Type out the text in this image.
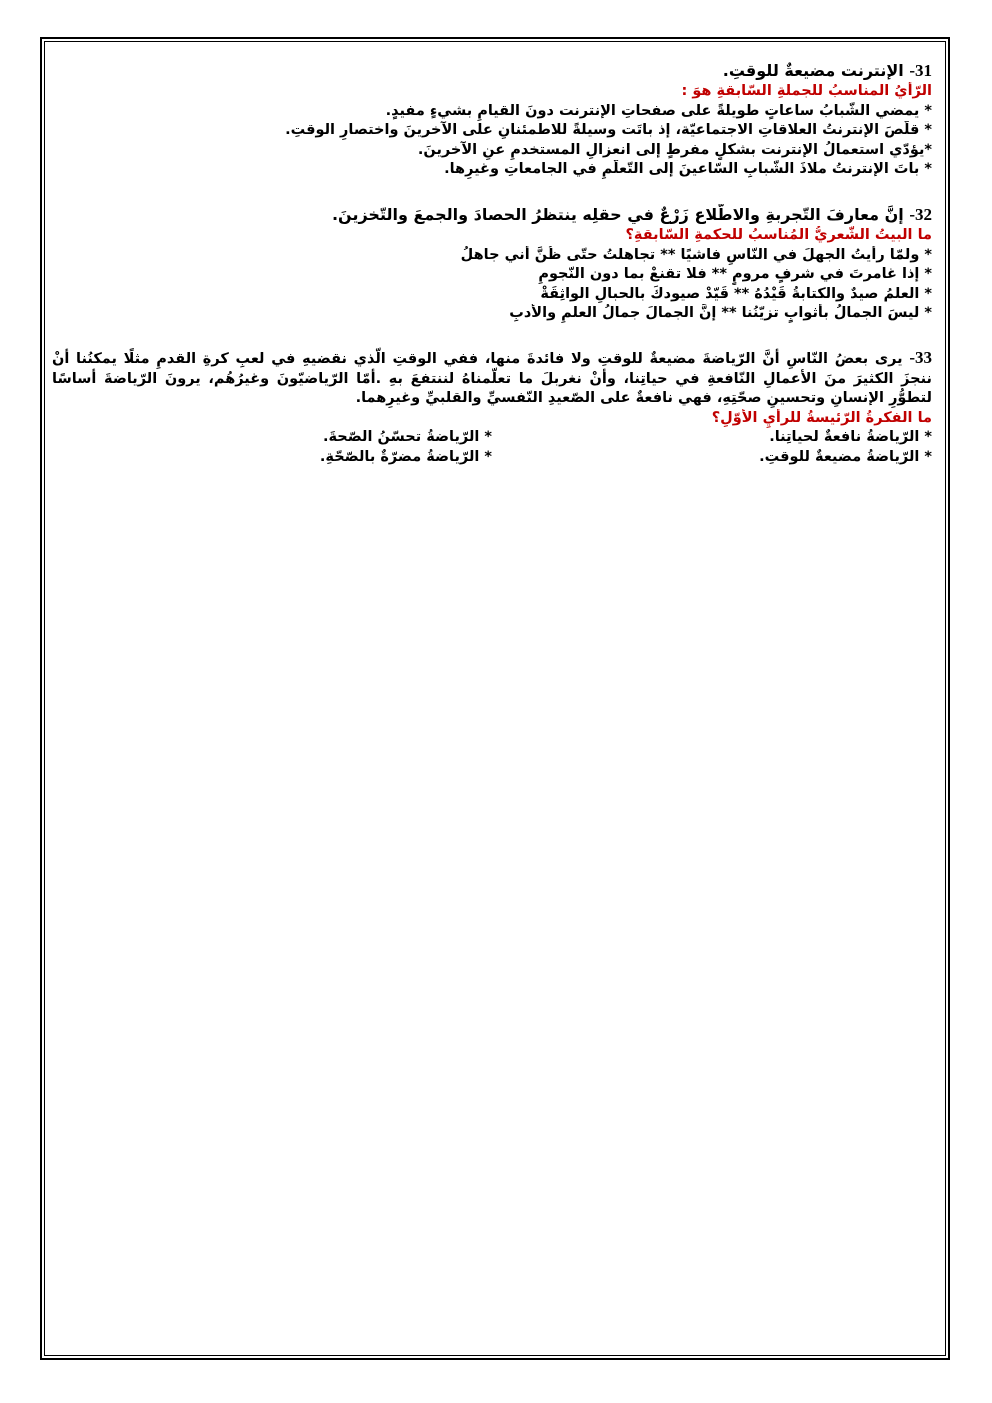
31- الإنترنت مضيعةٌ للوقتِ.
الرّأيُ المناسبُ للجملةِ السّابقةِ هوَ :
* يمضي الشّبابُ ساعاتٍ طويلةً على صفحاتِ الإنترنت دونَ القيامِ بشيءٍ مفيدٍ.
* قلّصَ الإنترنتُ العلاقاتِ الاجتماعيّة، إذ باتَت وسيلةً للاطمئنانِ على الآخرينَ واختصارِ الوقتِ.
*يؤدّي استعمالُ الإنترنت بشكلٍ مفرطٍ إلى انعزالِ المستخدمِ عنِ الآخرينَ.
* باتَ الإنترنتُ ملاذَ الشّبابِ السّاعينَ إلى التّعلّمِ في الجامعاتِ وغيرِها.
32- إنَّ معارفَ التّجربةِ والاطّلاع زَرْعٌ في حقلِه ينتظرُ الحصادَ والجمعَ والتّخزينَ.
ما البيتُ الشّعريُّ المُناسبُ للحكمةِ السّابقةِ؟
* ولمّا رأيتُ الجهلَ في النّاسِ فاشيًا ** تجاهلتُ حتّى ظُنَّ أني جاهلُ
* إذا غامرتَ في شرفٍ مرومٍ ** فلا تقنعْ بما دون النّجومِ
* العلمُ صيدٌ والكتابةُ قَيْدُهُ ** قَيّدْ صيودكَ بالحبالِ الواثِقَةْ
* ليسَ الجمالُ بأثوابٍ تزيّنُنا ** إنَّ الجمالَ جمالُ العلمِ والأدبِ
33- يرى بعضُ النّاسِ أنَّ الرّياضةَ مضيعةٌ للوقتِ ولا فائدةَ منها، ففي الوقتِ الّذي نقضيهِ في لعبِ كرةِ القدمِ مثلًا يمكنُنا أنْ ننجزَ الكثيرَ منَ الأعمالِ النّافعةِ في حياتِنا، وأنْ نغربلَ ما تعلّمناهُ لننتفعَ بهِ .أمّا الرّياضيّونَ وغيرُهُم، يرونَ الرّياضةَ أساسًا لتطوُّرِ الإنسانِ وتحسينِ صحّتِهِ، فهي نافعةٌ على الصّعيدِ النّفسيِّ والقلبيِّ وغيرِهما.
ما الفكرةُ الرّئيسةُ للرأيِ الأوّلِ؟
* الرّياضةُ نافعةٌ لحياتِنا.
* الرّياضةُ تحسّنُ الصّحةَ.
* الرّياضةُ مضيعةٌ للوقتِ.
* الرّياضةُ مضرّةٌ بالصّحّةِ.
